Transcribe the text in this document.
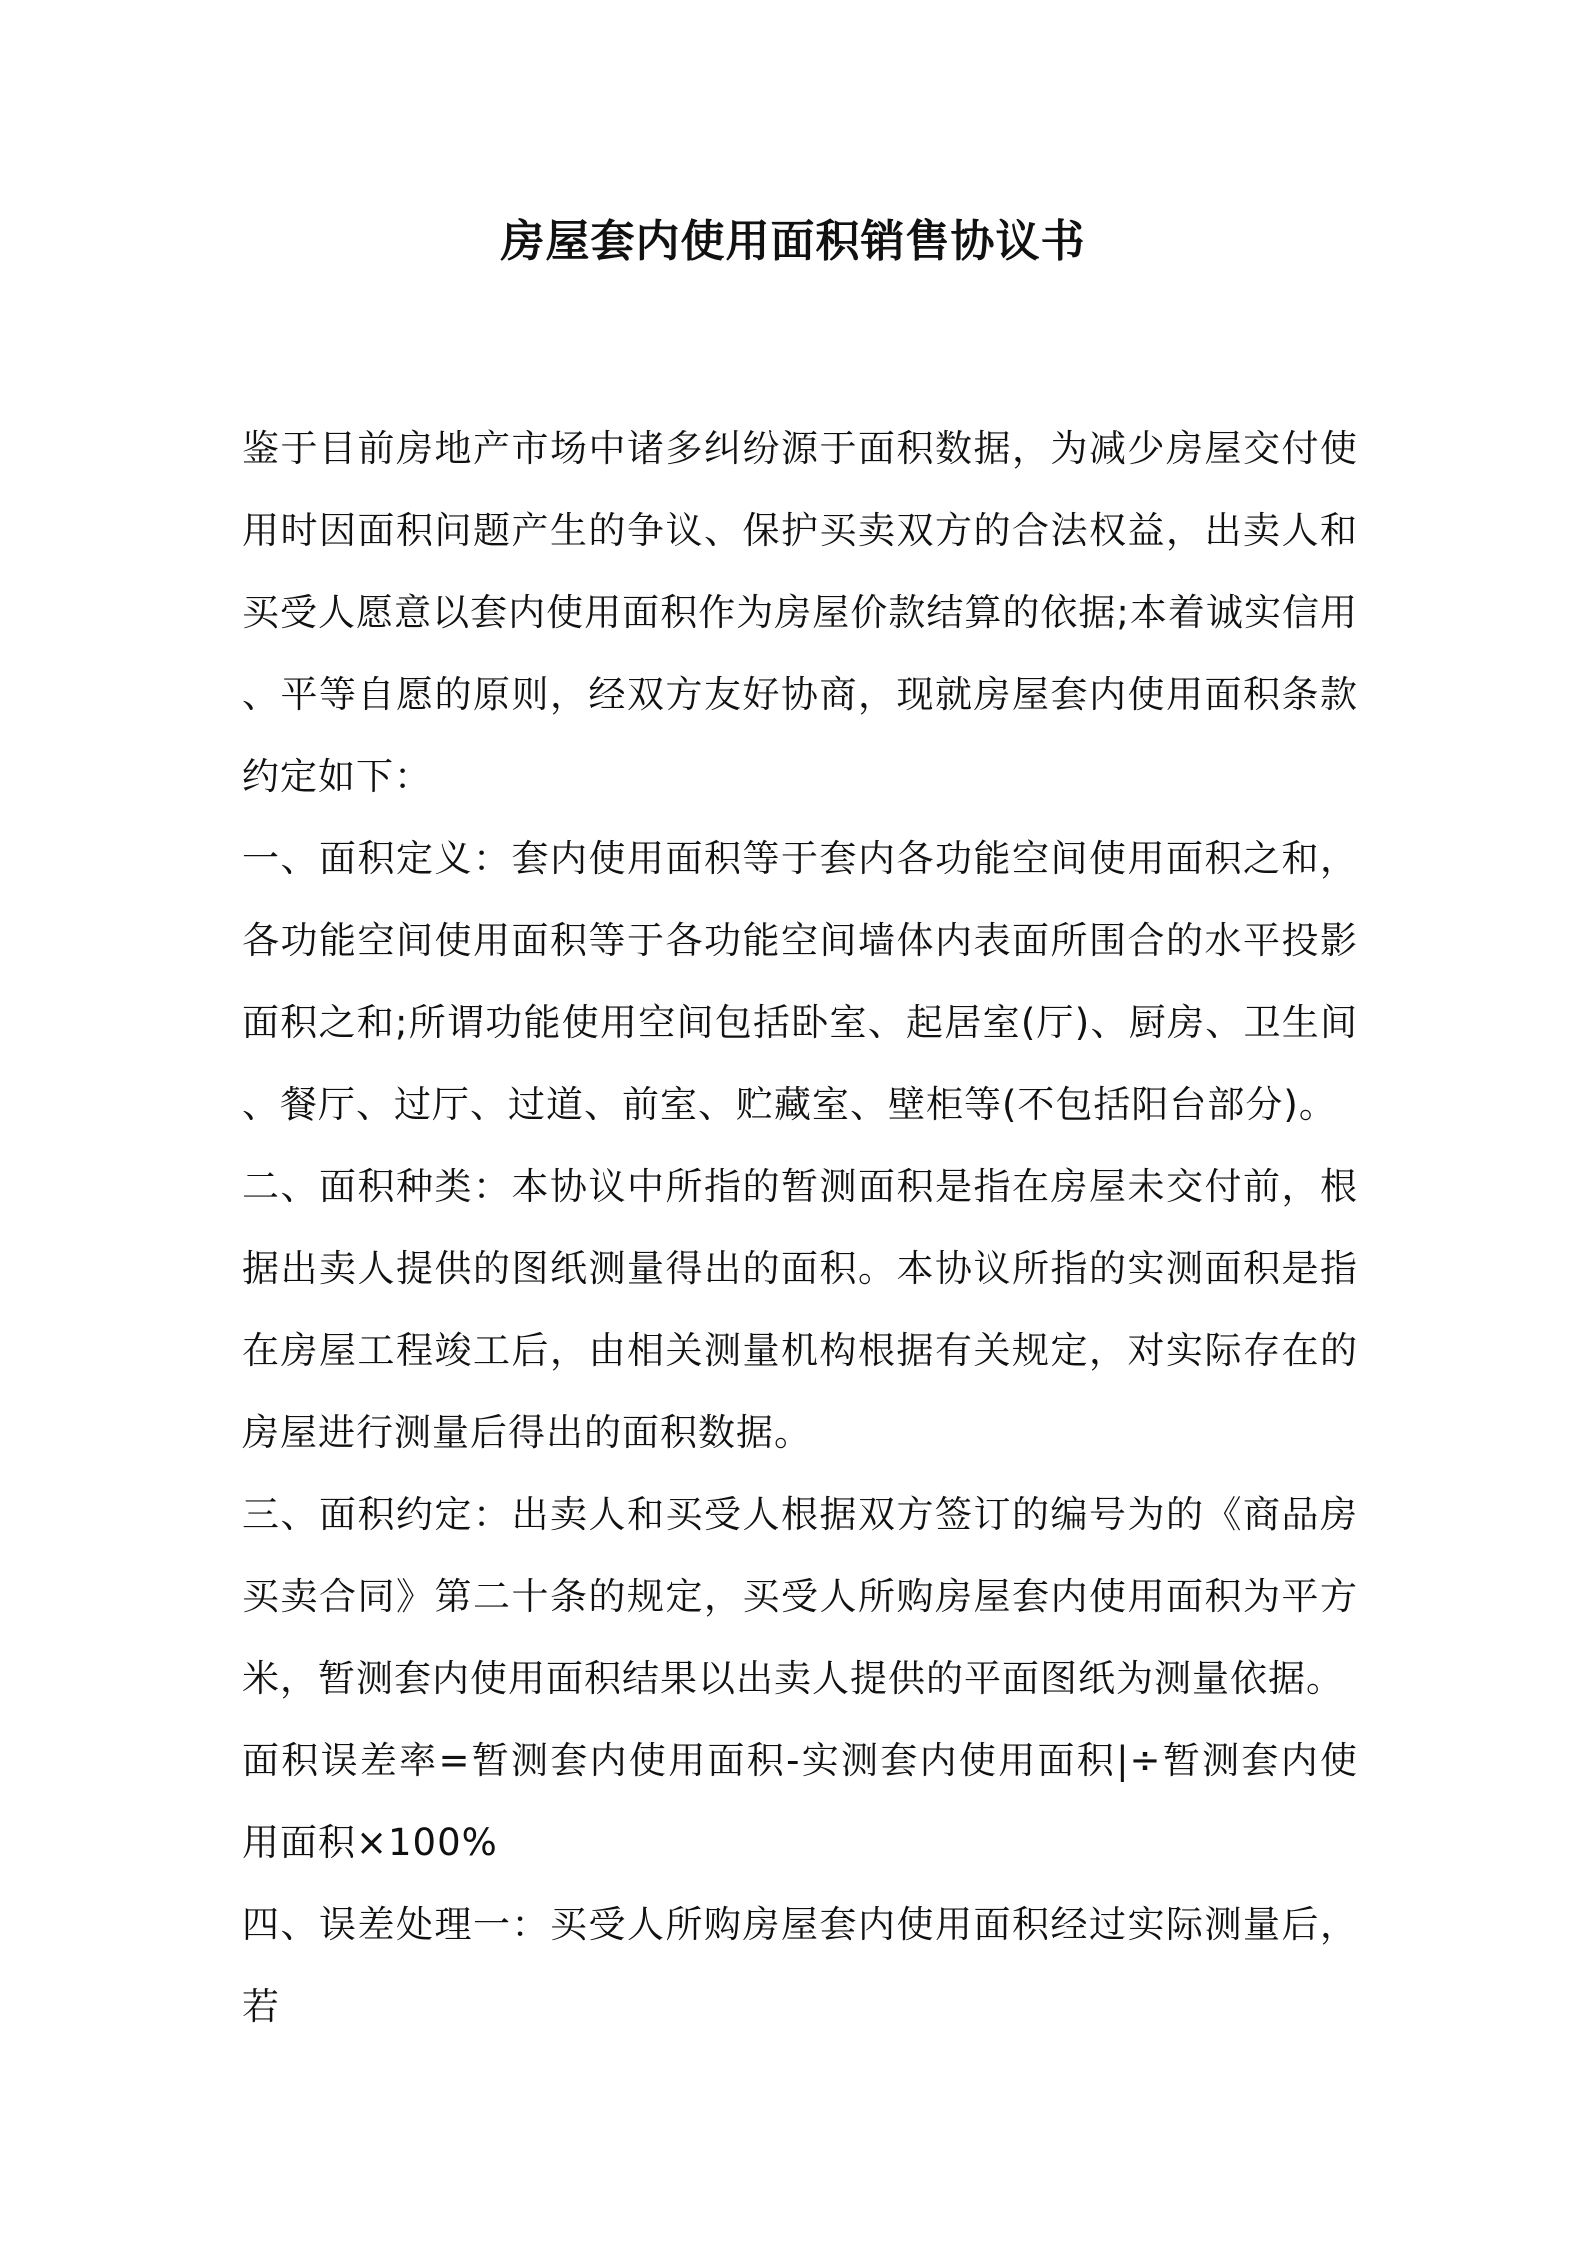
房屋套内使用面积销售协议书

鉴于目前房地产市场中诸多纠纷源于面积数据，为减少房屋交付使用时因面积问题产生的争议、保护买卖双方的合法权益，出卖人和买受人愿意以套内使用面积作为房屋价款结算的依据;本着诚实信用、平等自愿的原则，经双方友好协商，现就房屋套内使用面积条款约定如下：

一、面积定义：套内使用面积等于套内各功能空间使用面积之和，各功能空间使用面积等于各功能空间墙体内表面所围合的水平投影面积之和;所谓功能使用空间包括卧室、起居室(厅)、厨房、卫生间、餐厅、过厅、过道、前室、贮藏室、壁柜等(不包括阳台部分)。

二、面积种类：本协议中所指的暂测面积是指在房屋未交付前，根据出卖人提供的图纸测量得出的面积。本协议所指的实测面积是指在房屋工程竣工后，由相关测量机构根据有关规定，对实际存在的房屋进行测量后得出的面积数据。

三、面积约定：出卖人和买受人根据双方签订的编号为的《商品房买卖合同》第二十条的规定，买受人所购房屋套内使用面积为平方米，暂测套内使用面积结果以出卖人提供的平面图纸为测量依据。

面积误差率=暂测套内使用面积-实测套内使用面积|÷暂测套内使用面积×100%

四、误差处理一：买受人所购房屋套内使用面积经过实际测量后，若
